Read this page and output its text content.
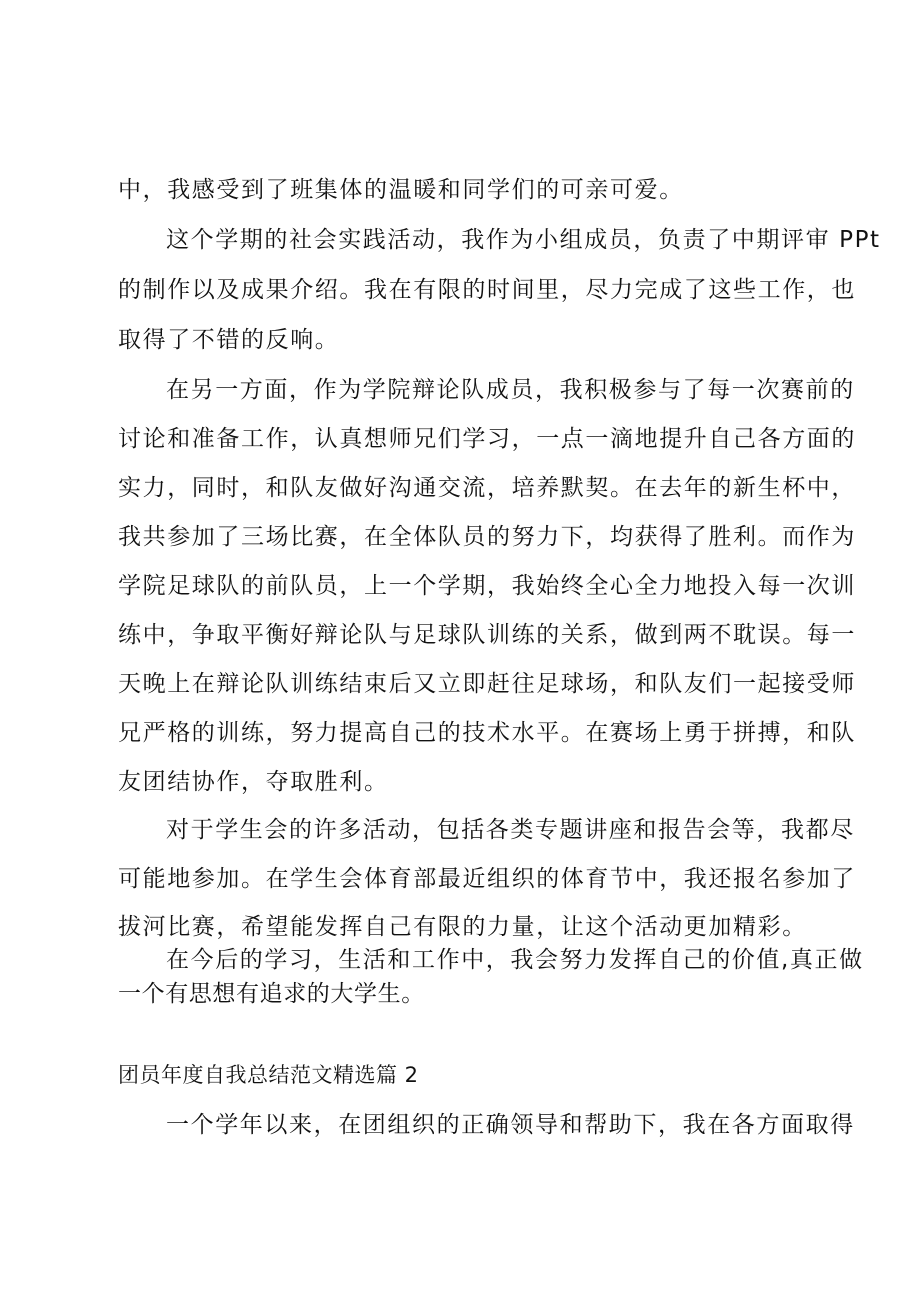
中，我感受到了班集体的温暖和同学们的可亲可爱。
这个学期的社会实践活动，我作为小组成员，负责了中期评审 PPt
的制作以及成果介绍。我在有限的时间里，尽力完成了这些工作，也
取得了不错的反响。
在另一方面，作为学院辩论队成员，我积极参与了每一次赛前的
讨论和准备工作，认真想师兄们学习，一点一滴地提升自己各方面的
实力，同时，和队友做好沟通交流，培养默契。在去年的新生杯中，
我共参加了三场比赛，在全体队员的努力下，均获得了胜利。而作为
学院足球队的前队员，上一个学期，我始终全心全力地投入每一次训
练中，争取平衡好辩论队与足球队训练的关系，做到两不耽误。每一
天晚上在辩论队训练结束后又立即赶往足球场，和队友们一起接受师
兄严格的训练，努力提高自己的技术水平。在赛场上勇于拼搏，和队
友团结协作，夺取胜利。
对于学生会的许多活动，包括各类专题讲座和报告会等，我都尽
可能地参加。在学生会体育部最近组织的体育节中，我还报名参加了
拔河比赛，希望能发挥自己有限的力量，让这个活动更加精彩。
在今后的学习，生活和工作中，我会努力发挥自己的价值,真正做
一个有思想有追求的大学生。
团员年度自我总结范文精选篇 2
一个学年以来，在团组织的正确领导和帮助下，我在各方面取得
